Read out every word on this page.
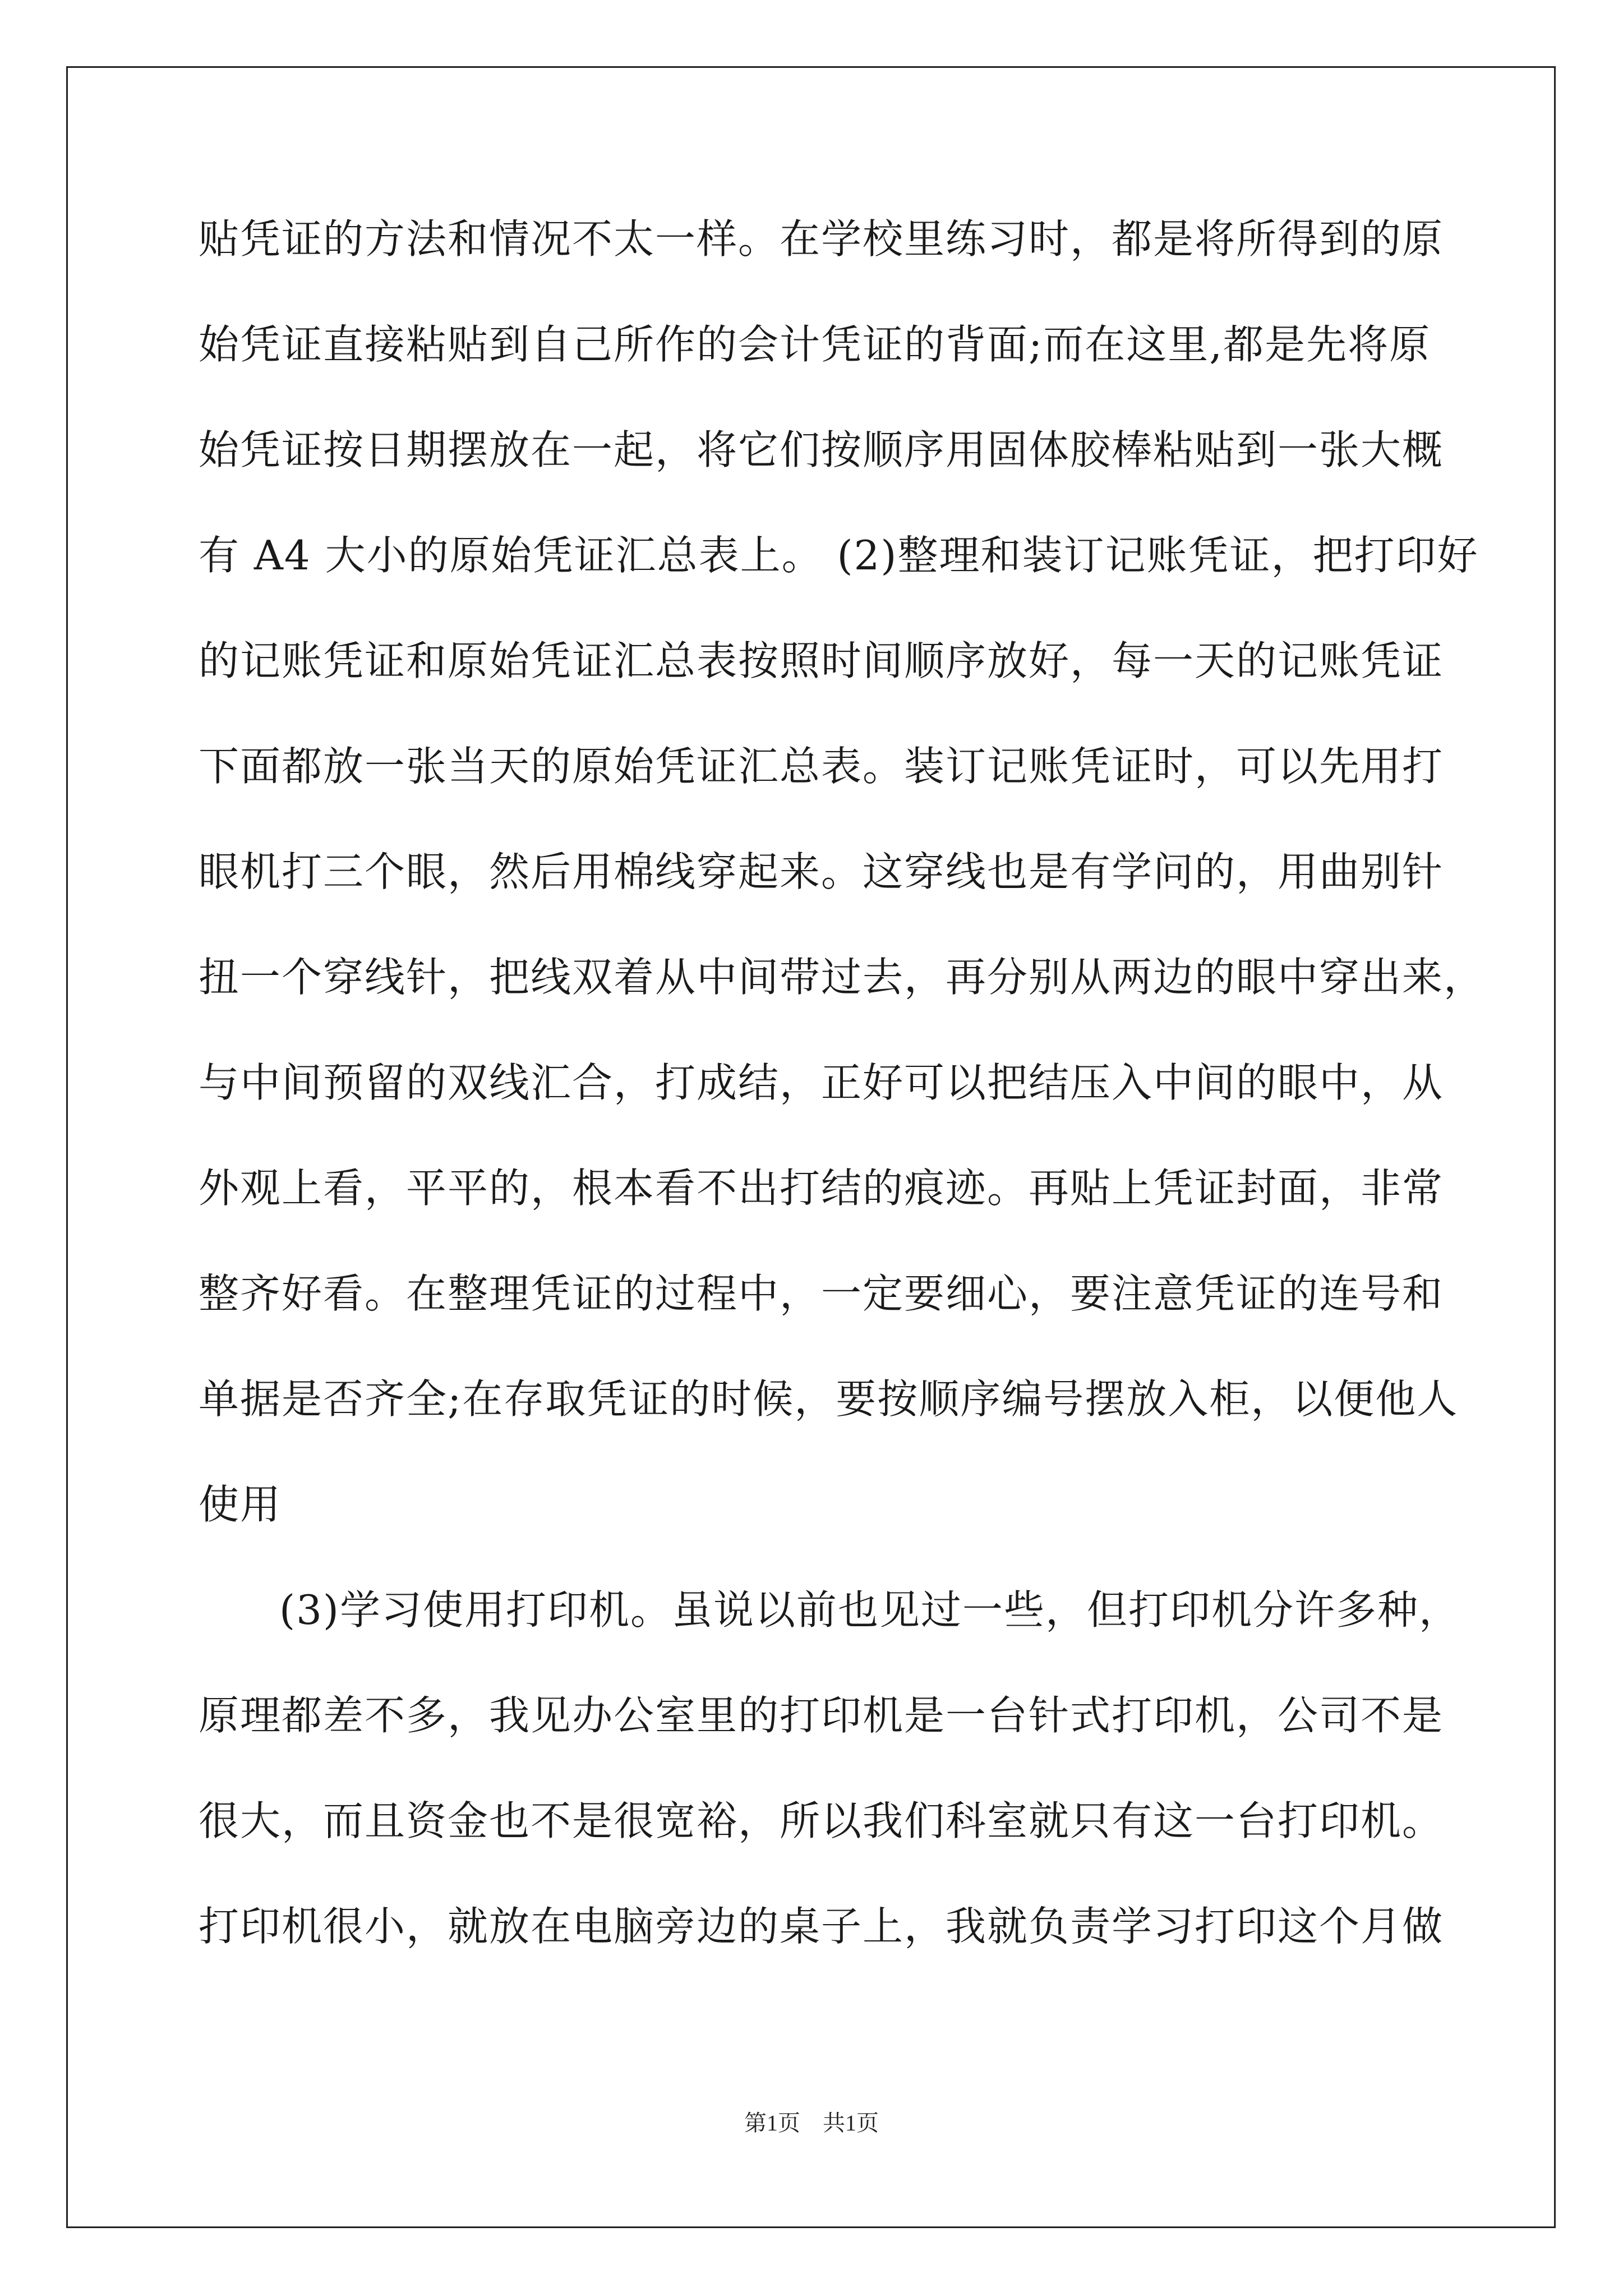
贴凭证的方法和情况不太一样。在学校里练习时，都是将所得到的原
始凭证直接粘贴到自己所作的会计凭证的背面;而在这里,都是先将原
始凭证按日期摆放在一起，将它们按顺序用固体胶棒粘贴到一张大概
有 A4 大小的原始凭证汇总表上。 (2)整理和装订记账凭证，把打印好
的记账凭证和原始凭证汇总表按照时间顺序放好，每一天的记账凭证
下面都放一张当天的原始凭证汇总表。装订记账凭证时，可以先用打
眼机打三个眼，然后用棉线穿起来。这穿线也是有学问的，用曲别针
扭一个穿线针，把线双着从中间带过去，再分别从两边的眼中穿出来，
与中间预留的双线汇合，打成结，正好可以把结压入中间的眼中，从
外观上看，平平的，根本看不出打结的痕迹。再贴上凭证封面，非常
整齐好看。在整理凭证的过程中，一定要细心，要注意凭证的连号和
单据是否齐全;在存取凭证的时候，要按顺序编号摆放入柜，以便他人
使用
(3)学习使用打印机。虽说以前也见过一些，但打印机分许多种，
原理都差不多，我见办公室里的打印机是一台针式打印机，公司不是
很大，而且资金也不是很宽裕，所以我们科室就只有这一台打印机。
打印机很小，就放在电脑旁边的桌子上，我就负责学习打印这个月做
第1页　共1页
